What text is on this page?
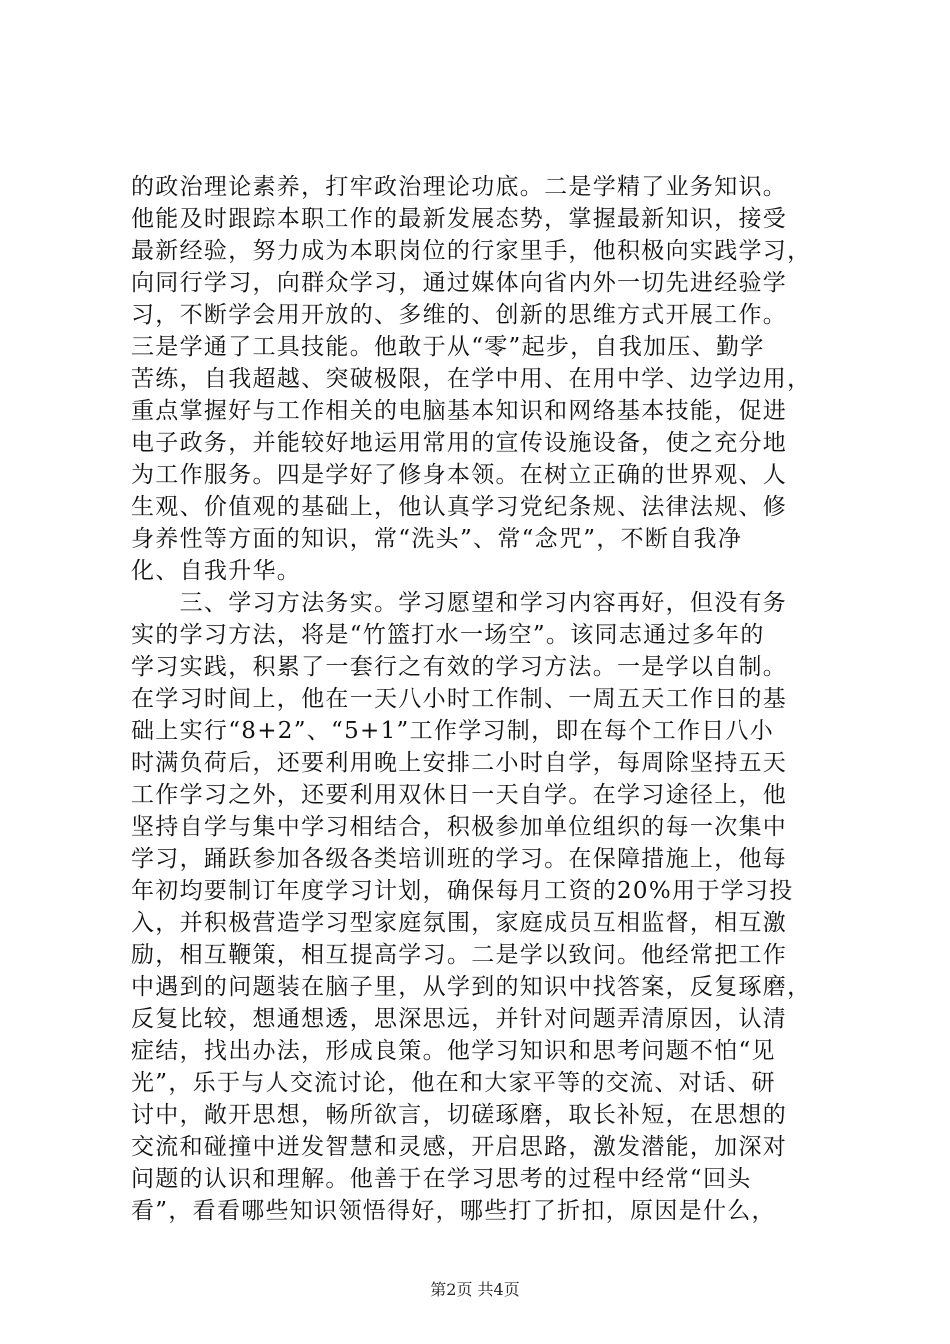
的政治理论素养，打牢政治理论功底。二是学精了业务知识。
他能及时跟踪本职工作的最新发展态势，掌握最新知识，接受
最新经验，努力成为本职岗位的行家里手，他积极向实践学习，
向同行学习，向群众学习，通过媒体向省内外一切先进经验学
习，不断学会用开放的、多维的、创新的思维方式开展工作。
三是学通了工具技能。他敢于从“零”起步，自我加压、勤学
苦练，自我超越、突破极限，在学中用、在用中学、边学边用，
重点掌握好与工作相关的电脑基本知识和网络基本技能，促进
电子政务，并能较好地运用常用的宣传设施设备，使之充分地
为工作服务。四是学好了修身本领。在树立正确的世界观、人
生观、价值观的基础上，他认真学习党纪条规、法律法规、修
身养性等方面的知识，常“洗头”、常“念咒”，不断自我净
化、自我升华。
　　三、学习方法务实。学习愿望和学习内容再好，但没有务
实的学习方法，将是“竹篮打水一场空”。该同志通过多年的
学习实践，积累了一套行之有效的学习方法。一是学以自制。
在学习时间上，他在一天八小时工作制、一周五天工作日的基
础上实行“8+2”、“5+1”工作学习制，即在每个工作日八小
时满负荷后，还要利用晚上安排二小时自学，每周除坚持五天
工作学习之外，还要利用双休日一天自学。在学习途径上，他
坚持自学与集中学习相结合，积极参加单位组织的每一次集中
学习，踊跃参加各级各类培训班的学习。在保障措施上，他每
年初均要制订年度学习计划，确保每月工资的20%用于学习投
入，并积极营造学习型家庭氛围，家庭成员互相监督，相互激
励，相互鞭策，相互提高学习。二是学以致问。他经常把工作
中遇到的问题装在脑子里，从学到的知识中找答案，反复琢磨，
反复比较，想通想透，思深思远，并针对问题弄清原因，认清
症结，找出办法，形成良策。他学习知识和思考问题不怕“见
光”，乐于与人交流讨论，他在和大家平等的交流、对话、研
讨中，敞开思想，畅所欲言，切磋琢磨，取长补短，在思想的
交流和碰撞中迸发智慧和灵感，开启思路，激发潜能，加深对
问题的认识和理解。他善于在学习思考的过程中经常“回头
看”，看看哪些知识领悟得好，哪些打了折扣，原因是什么，
第2页 共4页
